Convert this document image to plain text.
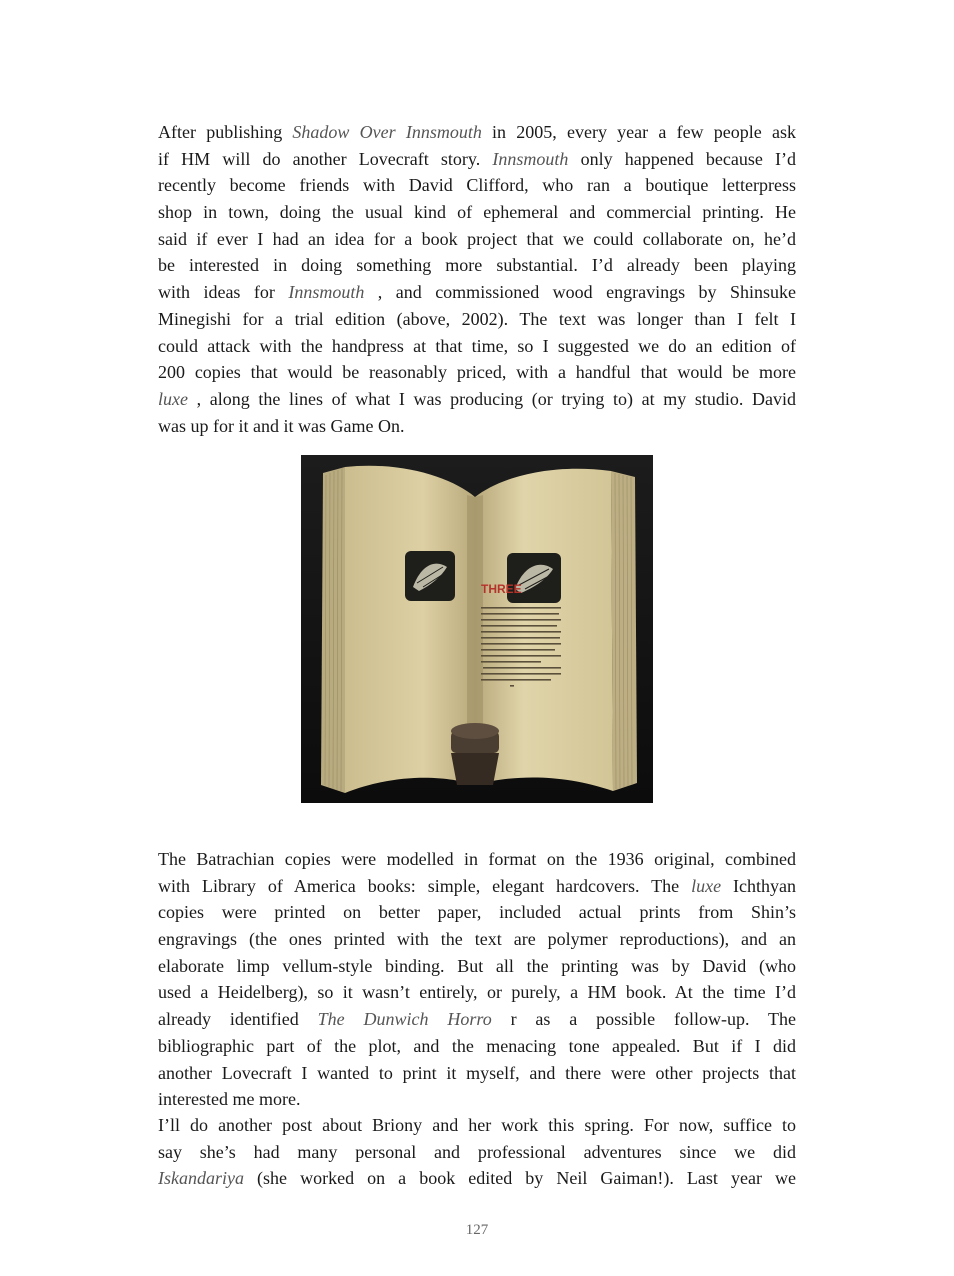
After publishing Shadow Over Innsmouth in 2005, every year a few people ask
if HM will do another Lovecraft story. Innsmouth only happened because I’d
recently become friends with David Clifford, who ran a boutique letterpress
shop in town, doing the usual kind of ephemeral and commercial printing. He
said if ever I had an idea for a book project that we could collaborate on, he’d
be interested in doing something more substantial. I’d already been playing
with ideas for Innsmouth , and commissioned wood engravings by Shinsuke
Minegishi for a trial edition (above, 2002). The text was longer than I felt I
could attack with the handpress at that time, so I suggested we do an edition of
200 copies that would be reasonably priced, with a handful that would be more
luxe , along the lines of what I was producing (or trying to) at my studio. David
was up for it and it was Game On.
THREE
The Batrachian copies were modelled in format on the 1936 original, combined
with Library of America books: simple, elegant hardcovers. The luxe Ichthyan
copies were printed on better paper, included actual prints from Shin’s
engravings (the ones printed with the text are polymer reproductions), and an
elaborate limp vellum-style binding. But all the printing was by David (who
used a Heidelberg), so it wasn’t entirely, or purely, a HM book. At the time I’d
already identified The Dunwich Horro r as a possible follow-up. The
bibliographic part of the plot, and the menacing tone appealed. But if I did
another Lovecraft I wanted to print it myself, and there were other projects that
interested me more.
I’ll do another post about Briony and her work this spring. For now, suffice to
say she’s had many personal and professional adventures since we did
Iskandariya (she worked on a book edited by Neil Gaiman!). Last year we
127
